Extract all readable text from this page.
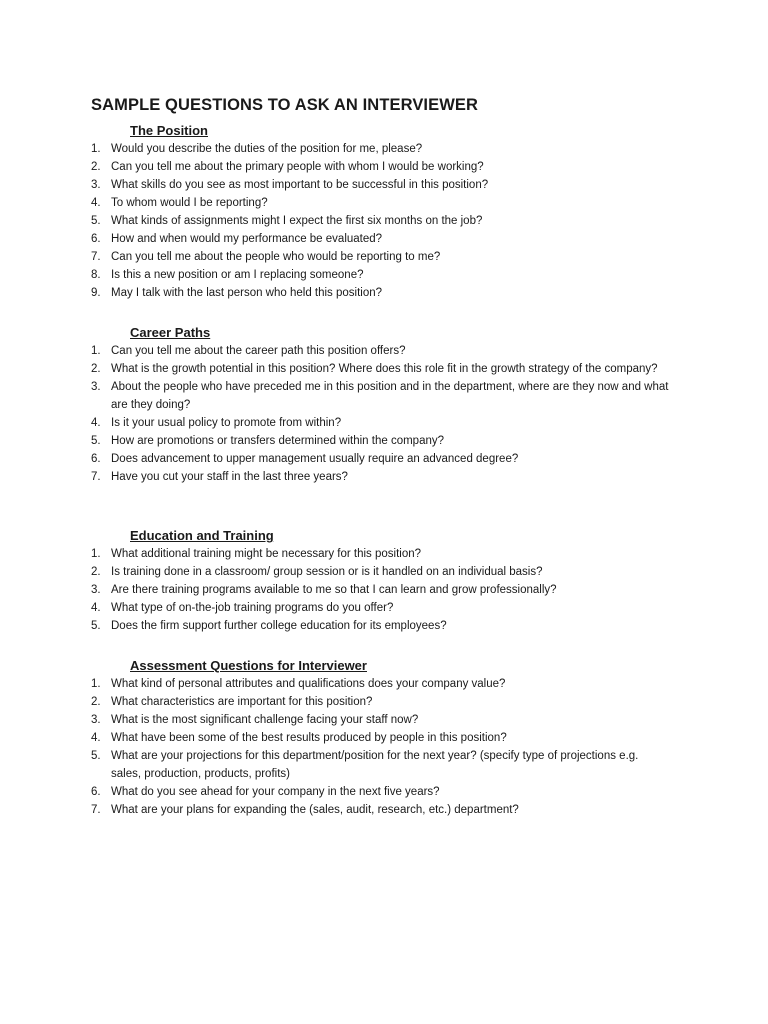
SAMPLE QUESTIONS TO ASK AN INTERVIEWER
The Position
1. Would you describe the duties of the position for me, please?
2. Can you tell me about the primary people with whom I would be working?
3. What skills do you see as most important to be successful in this position?
4. To whom would I be reporting?
5. What kinds of assignments might I expect the first six months on the job?
6. How and when would my performance be evaluated?
7. Can you tell me about the people who would be reporting to me?
8. Is this a new position or am I replacing someone?
9. May I talk with the last person who held this position?
Career Paths
1. Can you tell me about the career path this position offers?
2. What is the growth potential in this position? Where does this role fit in the growth strategy of the company?
3. About the people who have preceded me in this position and in the department, where are they now and what are they doing?
4. Is it your usual policy to promote from within?
5. How are promotions or transfers determined within the company?
6. Does advancement to upper management usually require an advanced degree?
7. Have you cut your staff in the last three years?
Education and Training
1. What additional training might be necessary for this position?
2. Is training done in a classroom/ group session or is it handled on an individual basis?
3. Are there training programs available to me so that I can learn and grow professionally?
4. What type of on-the-job training programs do you offer?
5. Does the firm support further college education for its employees?
Assessment Questions for Interviewer
1. What kind of personal attributes and qualifications does your company value?
2. What characteristics are important for this position?
3. What is the most significant challenge facing your staff now?
4. What have been some of the best results produced by people in this position?
5. What are your projections for this department/position for the next year? (specify type of projections e.g. sales, production, products, profits)
6. What do you see ahead for your company in the next five years?
7. What are your plans for expanding the (sales, audit, research, etc.) department?
